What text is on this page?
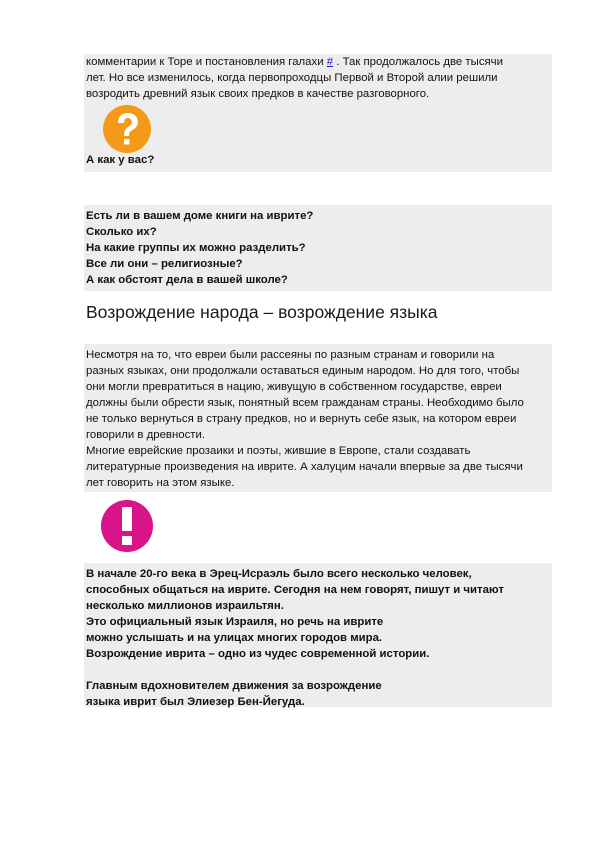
комментарии к Торе и постановления галахи # . Так продолжалось две тысячи
лет. Но все изменилось, когда первопроходцы Первой и Второй алии решили
возродить древний язык своих предков в качестве разговорного.

А как у вас?

Есть ли в вашем доме книги на иврите?
Сколько их?
На какие группы их можно разделить?
Все ли они – религиозные?
А как обстоят дела в вашей школе?
Возрождение народа – возрождение языка
Несмотря на то, что евреи были рассеяны по разным странам и говорили на
разных языках, они продолжали оставаться единым народом. Но для того, чтобы
они могли превратиться в нацию, живущую в собственном государстве, евреи
должны были обрести язык, понятный всем гражданам страны. Необходимо было
не только вернуться в страну предков, но и вернуть себе язык, на котором евреи
говорили в древности.
Многие еврейские прозаики и поэты, жившие в Европе, стали создавать
литературные произведения на иврите. А халуцим начали впервые за две тысячи
лет говорить на этом языке.
В начале 20-го века в Эрец-Исраэль было всего несколько человек,
способных общаться на иврите. Сегодня на нем говорят, пишут и читают
несколько миллионов израильтян.
Это официальный язык Израиля, но речь на иврите
можно услышать и на улицах многих городов мира.
Возрождение иврита – одно из чудес современной истории.
Главным вдохновителем движения за возрождение
языка иврит был Элиезер Бен-Йегуда.
